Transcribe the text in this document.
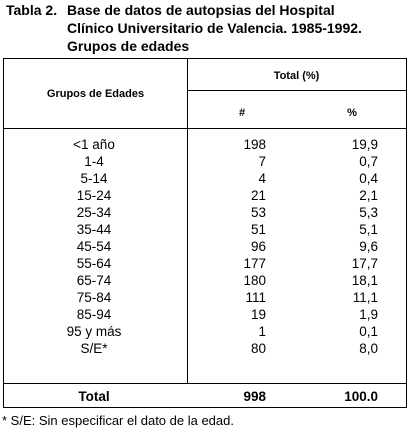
Tabla 2. Base de datos de autopsias del Hospital
Clínico Universitario de Valencia. 1985-1992.
Grupos de edades
Grupos de Edades
Total (%)
#	%
<1 año	198	19,9
1-4	7	0,7
5-14	4	0,4
15-24	21	2,1
25-34	53	5,3
35-44	51	5,1
45-54	96	9,6
55-64	177	17,7
65-74	180	18,1
75-84	111	11,1
85-94	19	1,9
95 y más	1	0,1
S/E*	80	8,0
Total	998	100.0
* S/E: Sin especificar el dato de la edad.
